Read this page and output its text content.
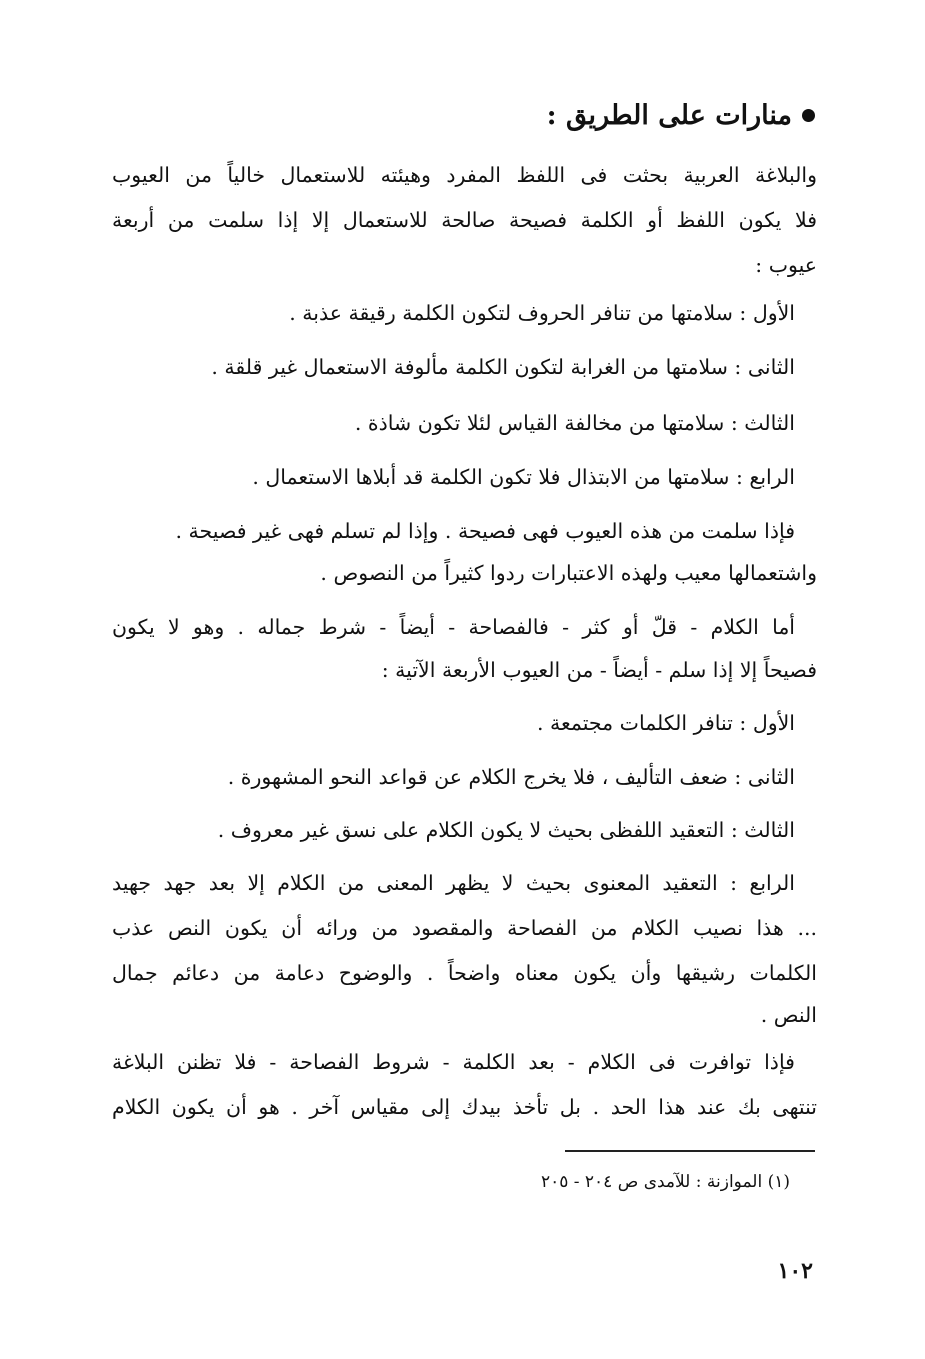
منارات على الطريق :
والبلاغة العربية بحثت فى اللفظ المفرد وهيئته للاستعمال خالياً من العيوب
فلا يكون اللفظ أو الكلمة فصيحة صالحة للاستعمال إلا إذا سلمت من أربعة
عيوب :
الأول : سلامتها من تنافر الحروف لتكون الكلمة رقيقة عذبة .
الثانى : سلامتها من الغرابة لتكون الكلمة مألوفة الاستعمال غير قلقة .
الثالث : سلامتها من مخالفة القياس لئلا تكون شاذة .
الرابع : سلامتها من الابتذال فلا تكون الكلمة قد أبلاها الاستعمال .
فإذا سلمت من هذه العيوب فهى فصيحة . وإذا لم تسلم فهى غير فصيحة .
واشتعمالها معيب ولهذه الاعتبارات ردوا كثيراً من النصوص .
أما الكلام - قلّ أو كثر - فالفصاحة - أيضاً - شرط جماله . وهو لا يكون
فصيحاً إلا إذا سلم - أيضاً - من العيوب الأربعة الآتية :
الأول : تنافر الكلمات مجتمعة .
الثانى : ضعف التأليف ، فلا يخرج الكلام عن قواعد النحو المشهورة .
الثالث : التعقيد اللفظى بحيث لا يكون الكلام على نسق غير معروف .
الرابع : التعقيد المعنوى بحيث لا يظهر المعنى من الكلام إلا بعد جهد جهيد
... هذا نصيب الكلام من الفصاحة والمقصود من ورائه أن يكون النص عذب
الكلمات رشيقها وأن يكون معناه واضحاً . والوضوح دعامة من دعائم جمال
النص .
فإذا توافرت فى الكلام - بعد الكلمة - شروط الفصاحة - فلا تظنن البلاغة
تنتهى بك عند هذا الحد . بل تأخذ بيدك إلى مقياس آخر . هو أن يكون الكلام
(١) الموازنة : للآمدى ص ٢٠٤ - ٢٠٥
١٠٢
